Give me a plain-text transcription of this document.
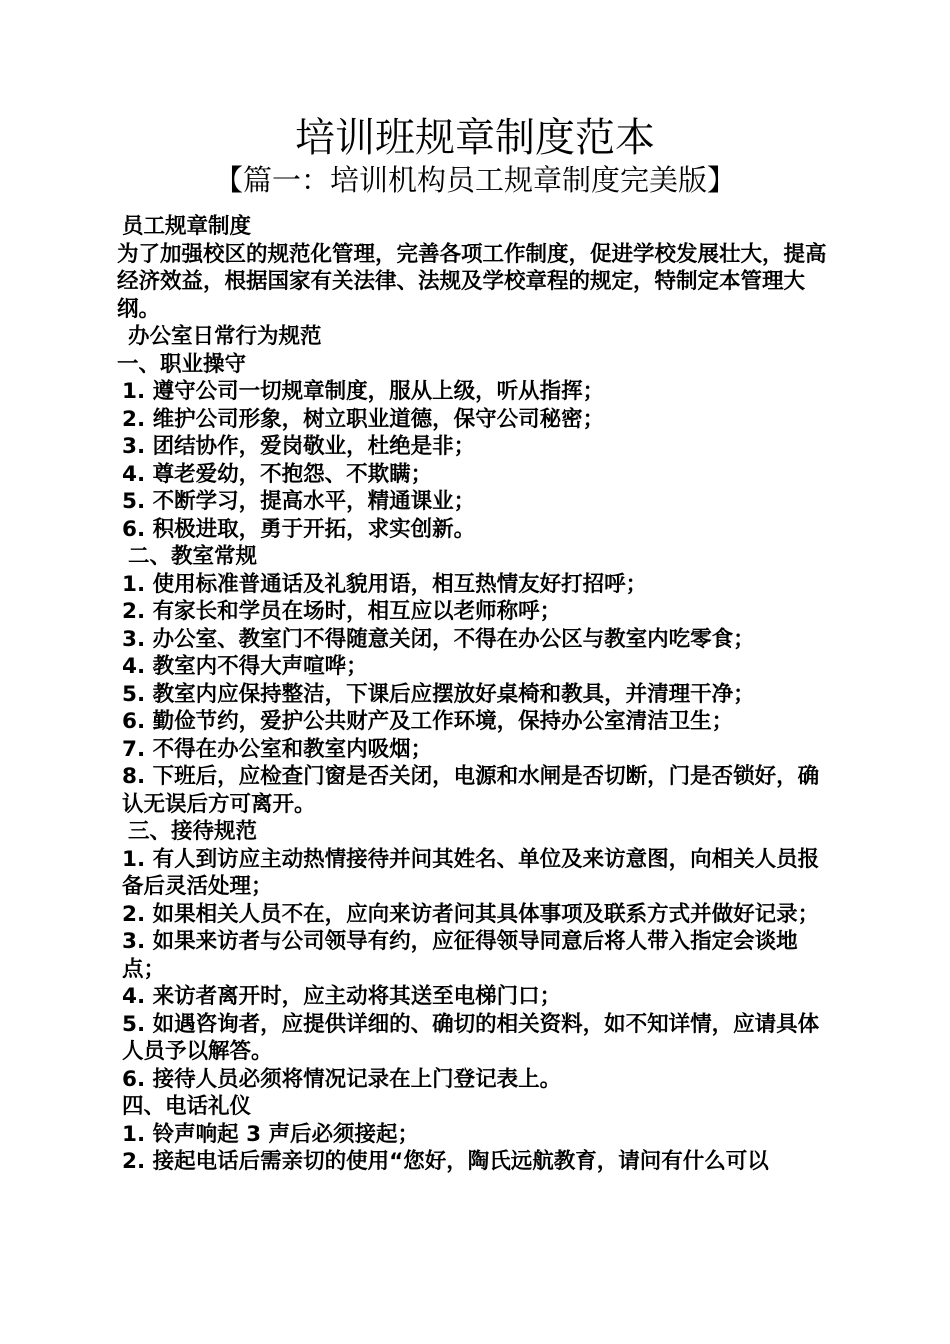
培训班规章制度范本
【篇一：培训机构员工规章制度完美版】

员工规章制度

为了加强校区的规范化管理，完善各项工作制度，促进学校发展壮大，提高经济效益，根据国家有关法律、法规及学校章程的规定，特制定本管理大纲。

办公室日常行为规范

一、职业操守

1. 遵守公司一切规章制度，服从上级，听从指挥；

2. 维护公司形象，树立职业道德，保守公司秘密；

3. 团结协作，爱岗敬业，杜绝是非；

4. 尊老爱幼，不抱怨、不欺瞒；

5. 不断学习，提高水平，精通课业；

6. 积极进取，勇于开拓，求实创新。

二、教室常规

1. 使用标准普通话及礼貌用语，相互热情友好打招呼；

2. 有家长和学员在场时，相互应以老师称呼；

3. 办公室、教室门不得随意关闭，不得在办公区与教室内吃零食；

4. 教室内不得大声喧哗；

5. 教室内应保持整洁，下课后应摆放好桌椅和教具，并清理干净；

6. 勤俭节约，爱护公共财产及工作环境，保持办公室清洁卫生；

7. 不得在办公室和教室内吸烟；

8. 下班后，应检查门窗是否关闭，电源和水闸是否切断，门是否锁好，确认无误后方可离开。

三、接待规范

1. 有人到访应主动热情接待并问其姓名、单位及来访意图，向相关人员报备后灵活处理；

2. 如果相关人员不在，应向来访者问其具体事项及联系方式并做好记录；

3. 如果来访者与公司领导有约，应征得领导同意后将人带入指定会谈地点；

4. 来访者离开时，应主动将其送至电梯门口；

5. 如遇咨询者，应提供详细的、确切的相关资料，如不知详情，应请具体人员予以解答。

6. 接待人员必须将情况记录在上门登记表上。

四、电话礼仪

1. 铃声响起 3 声后必须接起；

2. 接起电话后需亲切的使用“您好，陶氏远航教育，请问有什么可以
